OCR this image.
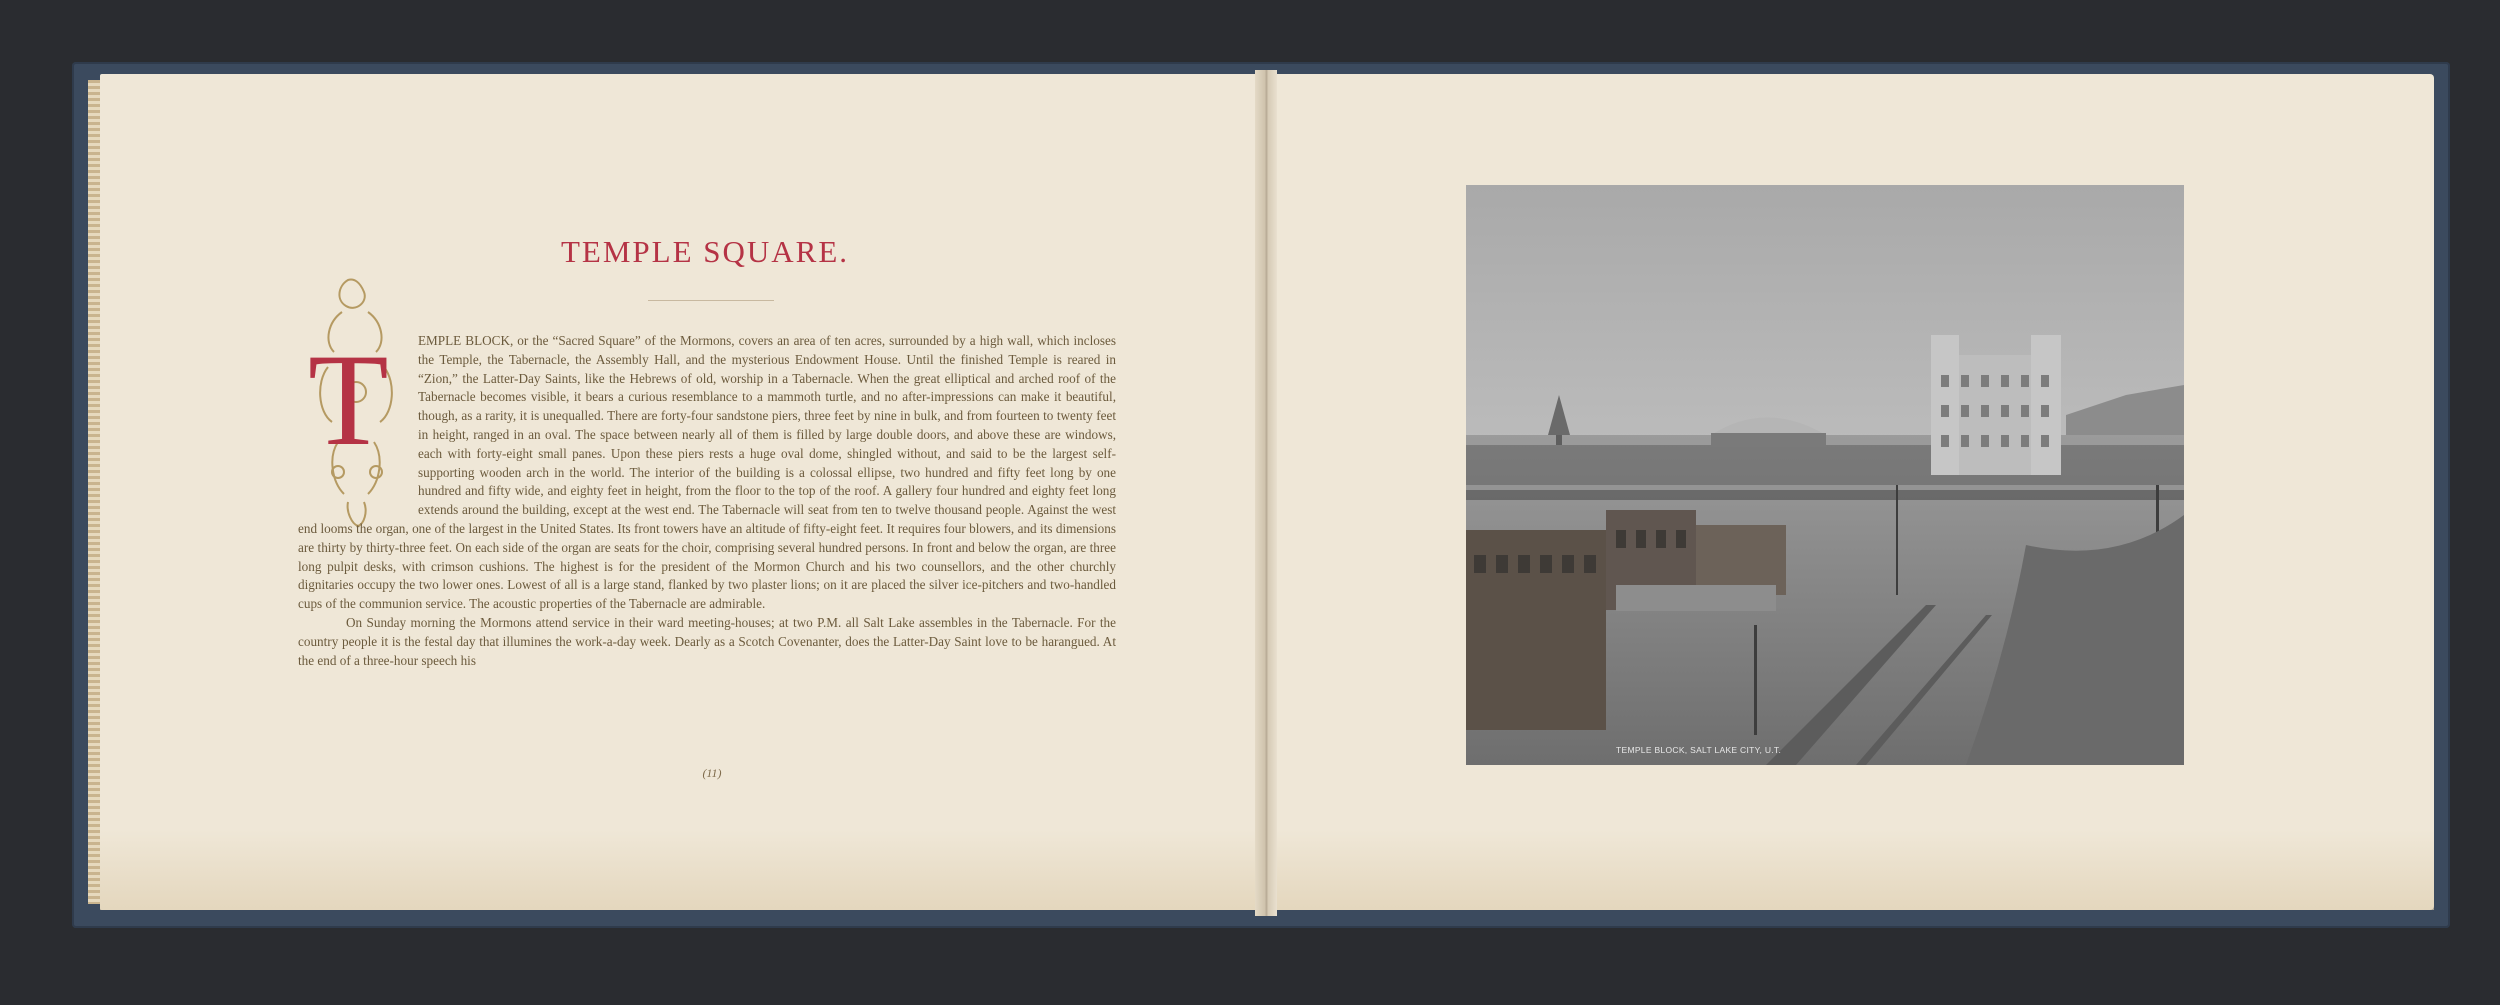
TEMPLE SQUARE.
T	EMPLE BLOCK, or the “Sacred Square” of the Mormons, covers an area of ten acres, surrounded by a high wall, which incloses the Temple, the Tabernacle, the Assembly Hall, and the mysterious Endowment House. Until the finished Temple is reared in “Zion,” the Latter-Day Saints, like the Hebrews of old, worship in a Tabernacle. When the great elliptical and arched roof of the Tabernacle becomes visible, it bears a curious resemblance to a mammoth turtle, and no after-impressions can make it beautiful, though, as a rarity, it is unequalled. There are forty-four sandstone piers, three feet by nine in bulk, and from fourteen to twenty feet in height, ranged in an oval. The space between nearly all of them is filled by large double doors, and above these are windows, each with forty-eight small panes. Upon these piers rests a huge oval dome, shingled without, and said to be the largest self-supporting wooden arch in the world. The interior of the building is a colossal ellipse, two hundred and fifty feet long by one hundred and fifty wide, and eighty feet in height, from the floor to the top of the roof. A gallery four hundred and eighty feet long extends around the building, except at the west end. The Tabernacle will seat from ten to twelve thousand people. Against the west end looms the organ, one of the largest in the United States. Its front towers have an altitude of fifty-eight feet. It requires four blowers, and its dimensions are thirty by thirty-three feet. On each side of the organ are seats for the choir, comprising several hundred persons. In front and below the organ, are three long pulpit desks, with crimson cushions. The highest is for the president of the Mormon Church and his two counsellors, and the other churchly dignitaries occupy the two lower ones. Lowest of all is a large stand, flanked by two plaster lions; on it are placed the silver ice-pitchers and two-handled cups of the communion service. The acoustic properties of the Tabernacle are admirable.

On Sunday morning the Mormons attend service in their ward meeting-houses; at two P.M. all Salt Lake assembles in the Tabernacle. For the country people it is the festal day that illumines the work-a-day week. Dearly as a Scotch Covenanter, does the Latter-Day Saint love to be harangued. At the end of a three-hour speech his

(11)
TEMPLE BLOCK, SALT LAKE CITY, U.T.
